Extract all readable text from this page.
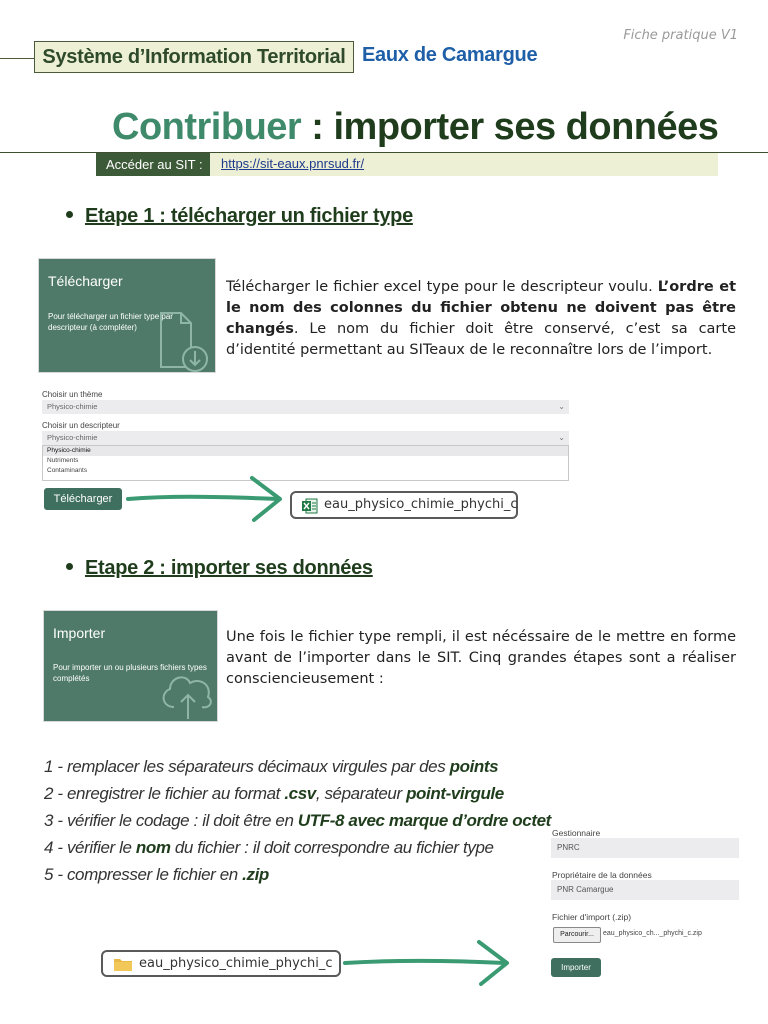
Fiche pratique V1
Système d’Information Territorial Eaux de Camargue
Contribuer : importer ses données
Accéder au SIT :	https://sit-eaux.pnrsud.fr/
Etape 1 : télécharger un fichier type
Télécharger
Pour télécharger un fichier type par descripteur (à compléter)
Télécharger le fichier excel type pour le descripteur voulu. L’ordre et le nom des colonnes du fichier obtenu ne doivent pas être changés. Le nom du fichier doit être conservé, c’est sa carte d’identité permettant au SITeaux de le reconnaître lors de l’import.
Choisir un thème
Physico-chimie	⌄
Choisir un descripteur
Physico-chimie	⌄
Physico-chimie
Nutriments
Contaminants
Télécharger	eau_physico_chimie_phychi_c
Etape 2 : importer ses données
Importer
Pour importer un ou plusieurs fichiers types complétés
Une fois le fichier type rempli, il est nécéssaire de le mettre en forme avant de l’importer dans le SIT. Cinq grandes étapes sont a réaliser consciencieusement :
1 - remplacer les séparateurs décimaux virgules par des points
2 - enregistrer le fichier au format .csv, séparateur point-virgule
3 - vérifier le codage : il doit être en UTF-8 avec marque d’ordre octet
4 - vérifier le nom du fichier : il doit correspondre au fichier type
5 - compresser le fichier en .zip
Gestionnaire
PNRC
Propriétaire de la données
PNR Camargue
Fichier d'import (.zip)
Parcourir...	eau_physico_ch..._phychi_c.zip
Importer
eau_physico_chimie_phychi_c
